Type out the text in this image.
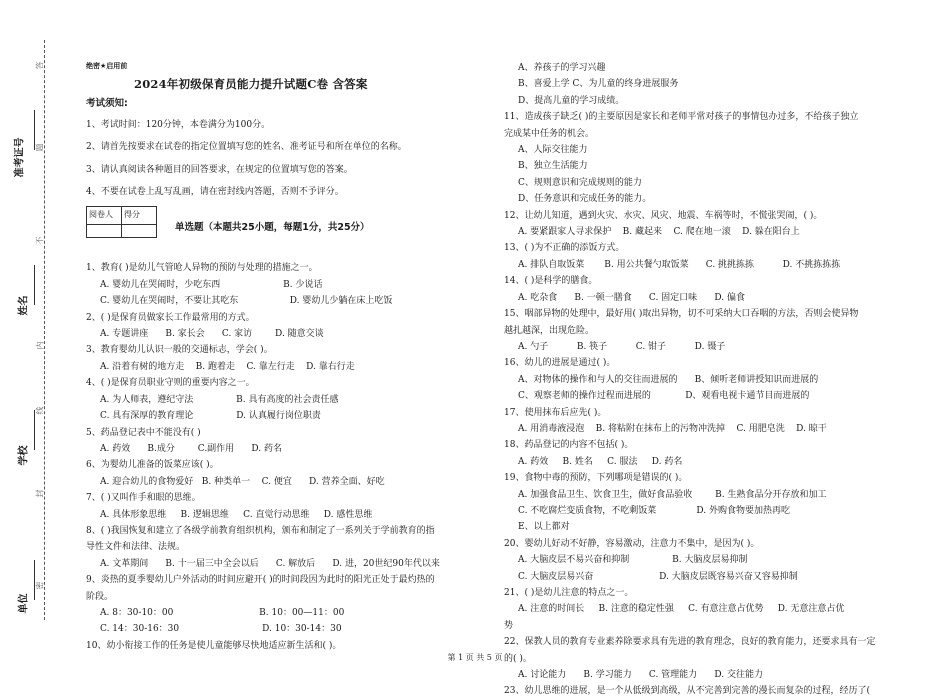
准考证号
姓名
学校
单位
答
题
不
内
线
封
密
绝密★启用前
2024年初级保育员能力提升试题C卷 含答案
考试须知:
1、考试时间：120分钟，本卷满分为100分。
2、请首先按要求在试卷的指定位置填写您的姓名、准考证号和所在单位的名称。
3、请认真阅读各种题目的回答要求，在规定的位置填写您的答案。
4、不要在试卷上乱写乱画，请在密封线内答题，否则不予评分。
阅卷人	得分

单选题（本题共25小题，每题1分，共25分）
1、教育( )是幼儿气管呛人异物的预防与处理的措施之一。
A. 婴幼儿在哭闹时，少吃东西                      B. 少说话
C. 婴幼儿在哭闹时，不要让其吃东                  D. 婴幼儿少躺在床上吃饭
2、( )是保育员做家长工作最常用的方式。
A. 专题讲座      B. 家长会      C. 家访        D. 随意交谈
3、教育婴幼儿认识一般的交通标志，学会( )。
A. 沿着有树的地方走    B. 跑着走    C. 靠左行走    D. 靠右行走
4、( )是保育员职业守则的重要内容之一。
A. 为人师表，遵纪守法               B. 具有高度的社会责任感
C. 具有深厚的教育理论               D. 认真履行岗位职责
5、药品登记表中不能没有( )
A. 药效      B.成分        C.副作用      D. 药名
6、为婴幼儿准备的饭菜应该( )。
A. 迎合幼儿的食物爱好   B. 种类单一    C. 便宜      D. 营养全面、好吃
7、( )又叫作手和眼的思维。
A. 具体形象思维     B. 逻辑思维     C. 直觉行动思维     D. 感性思维
8、( )我国恢复和建立了各级学前教育组织机构，颁布和制定了一系列关于学前教育的指
导性文件和法律、法规。
A. 文革期间      B. 十一届三中全会以后      C. 解放后      D. 进，20世纪90年代以来
9、炎热的夏季婴幼儿户外活动的时间应避开( )的时间段因为此时的阳光正处于最灼热的
阶段。
A. 8：30-10：00                              B. 10：00—11：00
C. 14：30-16：30                             D. 10：30-14：30
10、幼小衔接工作的任务是使儿童能够尽快地适应新生活和( )。
A、养孩子的学习兴趣
B、喜爱上学 C、为儿童的终身进展服务
D、提高儿童的学习成绩。
11、造成孩子缺乏( )的主要原因是家长和老师平常对孩子的事情包办过多，不给孩子独立
完成某中任务的机会。
A、人际交往能力
B、独立生活能力
C、规则意识和完成规则的能力
D、任务意识和完成任务的能力。
12、让幼儿知道，遇到火灾、水灾、风灾、地震、车祸等时，不慌张哭闹，( )。
A. 要紧跟家人寻求保护    B. 藏起来    C. 爬在地一滚    D. 躲在阳台上
13、( )为不正确的添饭方式。
A. 排队自取饭菜       B. 用公共餐勺取饭菜      C. 挑挑拣拣          D. 不挑拣拣拣
14、( )是科学的膳食。
A. 吃杂食      B. 一顿一膳食      C. 固定口味      D. 偏食
15、咽部异物的处理中，最好用( )取出异物，切不可采纳大口吞咽的方法，否则会使异物
越扎越深，出现危险。
A. 勺子          B. 筷子          C. 钳子          D. 镊子
16、幼儿的进展是通过( )。
A、对物体的操作和与人的交往而进展的      B、倾听老师讲授知识而进展的
C、观察老师的操作过程而进展的            D、观看电视卡通节目而进展的
17、使用抹布后应先( )。
A. 用消毒液浸泡    B. 将粘附在抹布上的污物冲洗掉    C. 用肥皂洗    D. 晾干
18、药品登记的内容不包括( )。
A. 药效     B. 姓名     C. 服法     D. 药名
19、食物中毒的预防，下列哪项是错误的( )。
A. 加强食品卫生、饮食卫生，做好食品验收        B. 生熟食品分开存放和加工
C. 不吃腐烂变质食物，不吃剩饭菜              D. 外购食物要加热再吃
E、以上都对
20、婴幼儿好动不好静，容易激动，注意力不集中，是因为( )。
A. 大脑皮层不易兴奋和抑制               B. 大脑皮层易抑制
C. 大脑皮层易兴奋                       D. 大脑皮层既容易兴奋又容易抑制
21、( )是幼儿注意的特点之一。
A. 注意的时间长     B. 注意的稳定性强     C. 有意注意占优势     D. 无意注意占优
势
22、保教人员的教育专业素养除要求具有先进的教育理念，良好的教育能力，还要求具有一定
的( )。
A. 讨论能力      B. 学习能力      C. 管理能力      D. 交往能力
23、幼儿思维的进展，是一个从低级到高级，从不完善到完善的漫长而复杂的过程，经历了(
第 1 页 共 5 页
